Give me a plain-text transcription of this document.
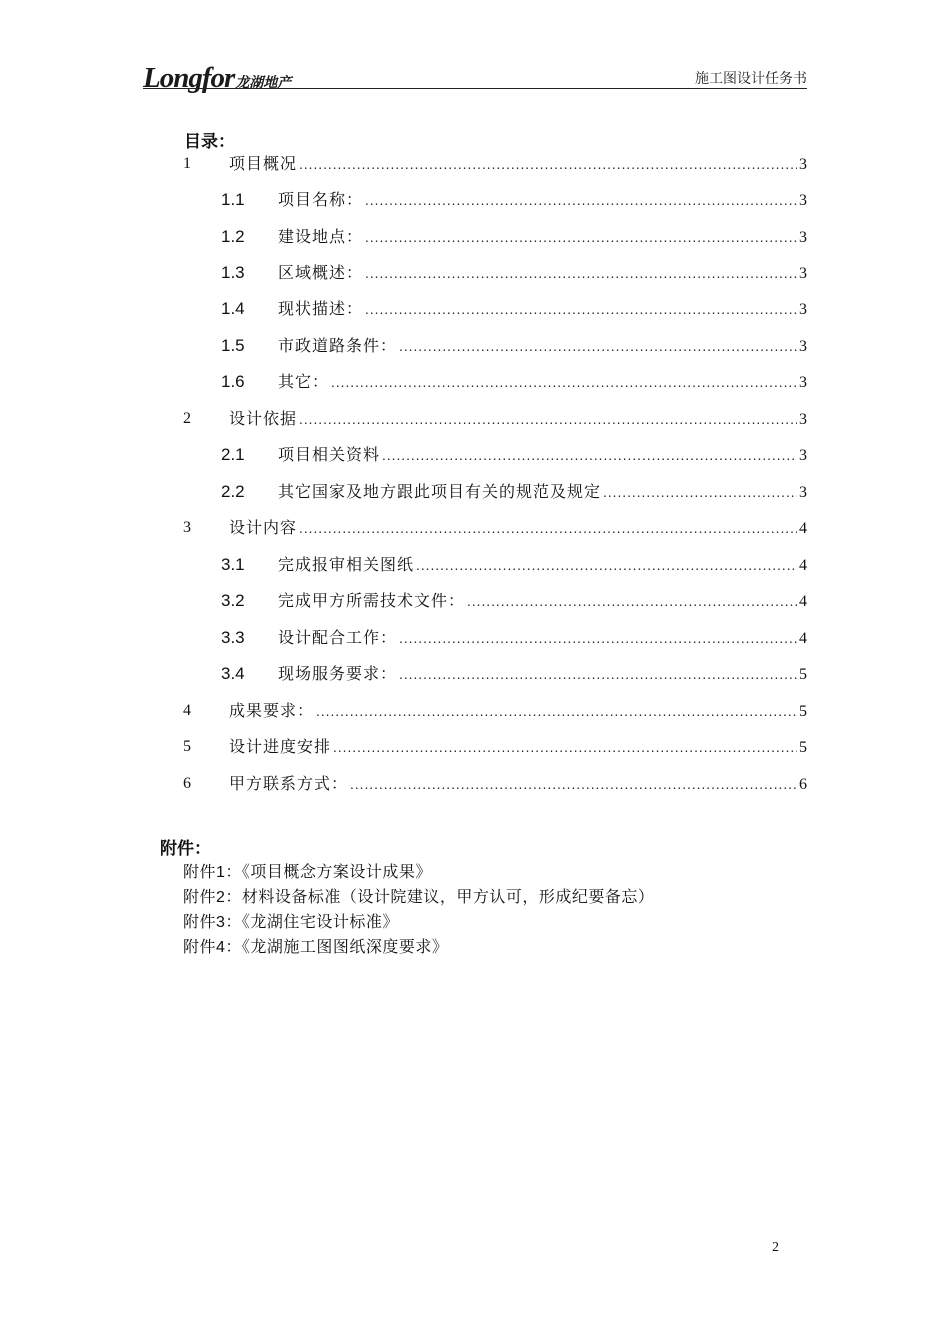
Longfor龙湖地产	施工图设计任务书
目录：
1 项目概况 .....	3
1.1 项目名称： .....	3
1.2 建设地点： .....	3
1.3 区域概述： .....	3
1.4 现状描述： .....	3
1.5 市政道路条件： .....	3
1.6 其它： .....	3
2 设计依据 .....	3
2.1 项目相关资料 .....	3
2.2 其它国家及地方跟此项目有关的规范及规定 .....	3
3 设计内容 .....	4
3.1 完成报审相关图纸 .....	4
3.2 完成甲方所需技术文件： .....	4
3.3 设计配合工作： .....	4
3.4 现场服务要求： .....	5
4 成果要求： .....	5
5 设计进度安排 .....	5
6 甲方联系方式： .....	6
附件：
附件1：《项目概念方案设计成果》
附件2：材料设备标准（设计院建议，甲方认可，形成纪要备忘）
附件3：《龙湖住宅设计标准》
附件4：《龙湖施工图图纸深度要求》
2
